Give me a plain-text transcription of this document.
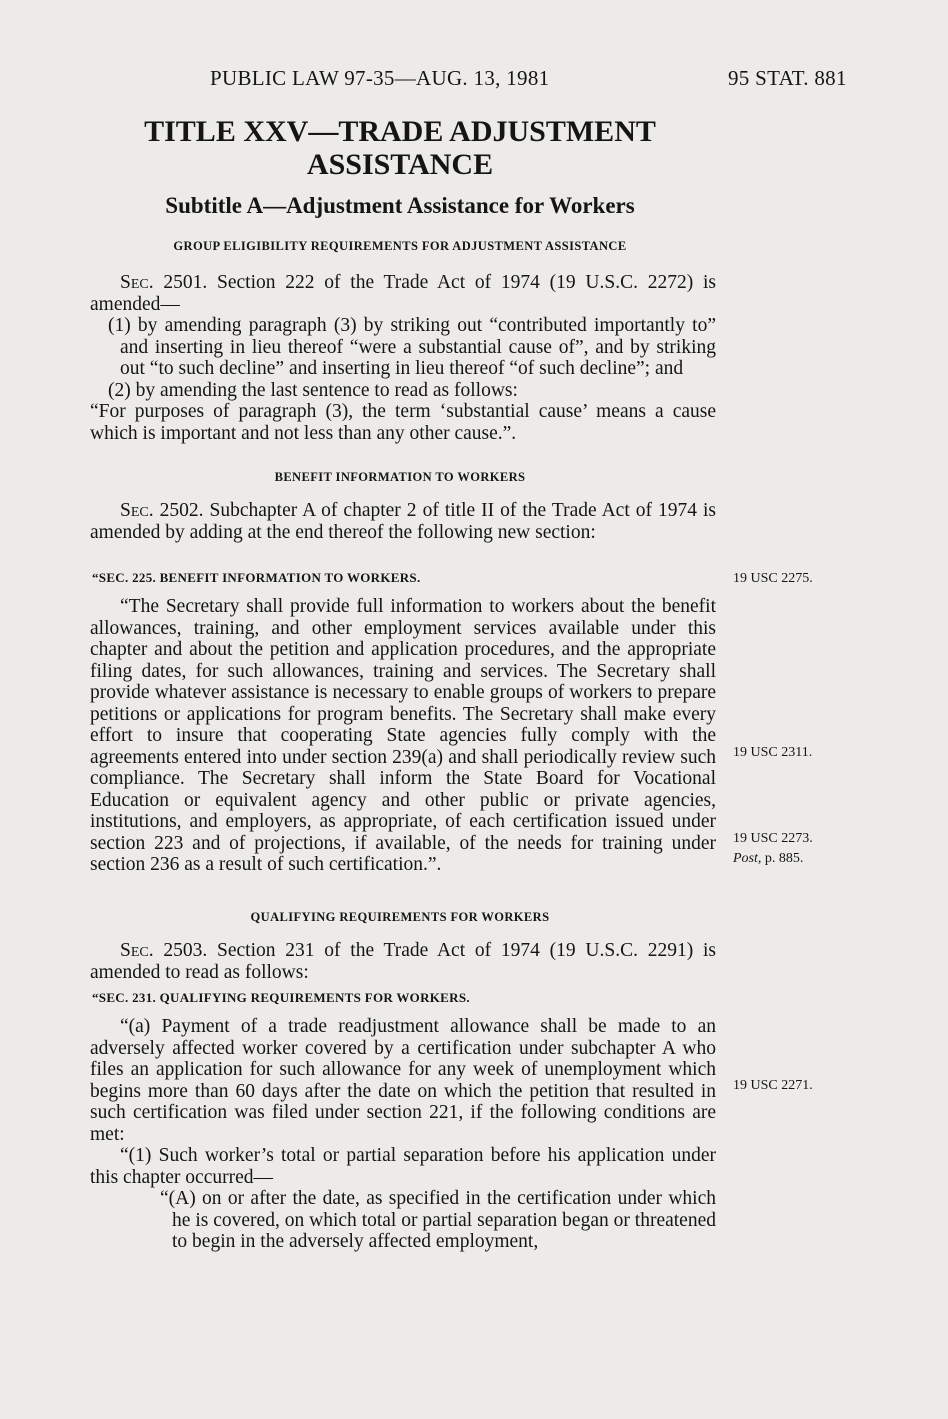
PUBLIC LAW 97-35—AUG. 13, 1981	95 STAT. 881
TITLE XXV—TRADE ADJUSTMENT
ASSISTANCE
Subtitle A—Adjustment Assistance for Workers
GROUP ELIGIBILITY REQUIREMENTS FOR ADJUSTMENT ASSISTANCE

Sec. 2501. Section 222 of the Trade Act of 1974 (19 U.S.C. 2272) is amended—

(1) by amending paragraph (3) by striking out “contributed importantly to” and inserting in lieu thereof “were a substantial cause of”, and by striking out “to such decline” and inserting in lieu thereof “of such decline”; and

(2) by amending the last sentence to read as follows:

“For purposes of paragraph (3), the term ‘substantial cause’ means a cause which is important and not less than any other cause.”.

BENEFIT INFORMATION TO WORKERS

Sec. 2502. Subchapter A of chapter 2 of title II of the Trade Act of 1974 is amended by adding at the end thereof the following new section:

“SEC. 225. BENEFIT INFORMATION TO WORKERS.

“The Secretary shall provide full information to workers about the benefit allowances, training, and other employment services available under this chapter and about the petition and application procedures, and the appropriate filing dates, for such allowances, training and services. The Secretary shall provide whatever assistance is necessary to enable groups of workers to prepare petitions or applications for program benefits. The Secretary shall make every effort to insure that cooperating State agencies fully comply with the agreements entered into under section 239(a) and shall periodically review such compliance. The Secretary shall inform the State Board for Vocational Education or equivalent agency and other public or private agencies, institutions, and employers, as appropriate, of each certification issued under section 223 and of projections, if available, of the needs for training under section 236 as a result of such certification.”.

QUALIFYING REQUIREMENTS FOR WORKERS

Sec. 2503. Section 231 of the Trade Act of 1974 (19 U.S.C. 2291) is amended to read as follows:

“SEC. 231. QUALIFYING REQUIREMENTS FOR WORKERS.

“(a) Payment of a trade readjustment allowance shall be made to an adversely affected worker covered by a certification under subchapter A who files an application for such allowance for any week of unemployment which begins more than 60 days after the date on which the petition that resulted in such certification was filed under section 221, if the following conditions are met:

“(1) Such worker’s total or partial separation before his application under this chapter occurred—

“(A) on or after the date, as specified in the certification under which he is covered, on which total or partial separation began or threatened to begin in the adversely affected employment,

19 USC 2275.
19 USC 2311.
19 USC 2273.
Post, p. 885.
19 USC 2271.
